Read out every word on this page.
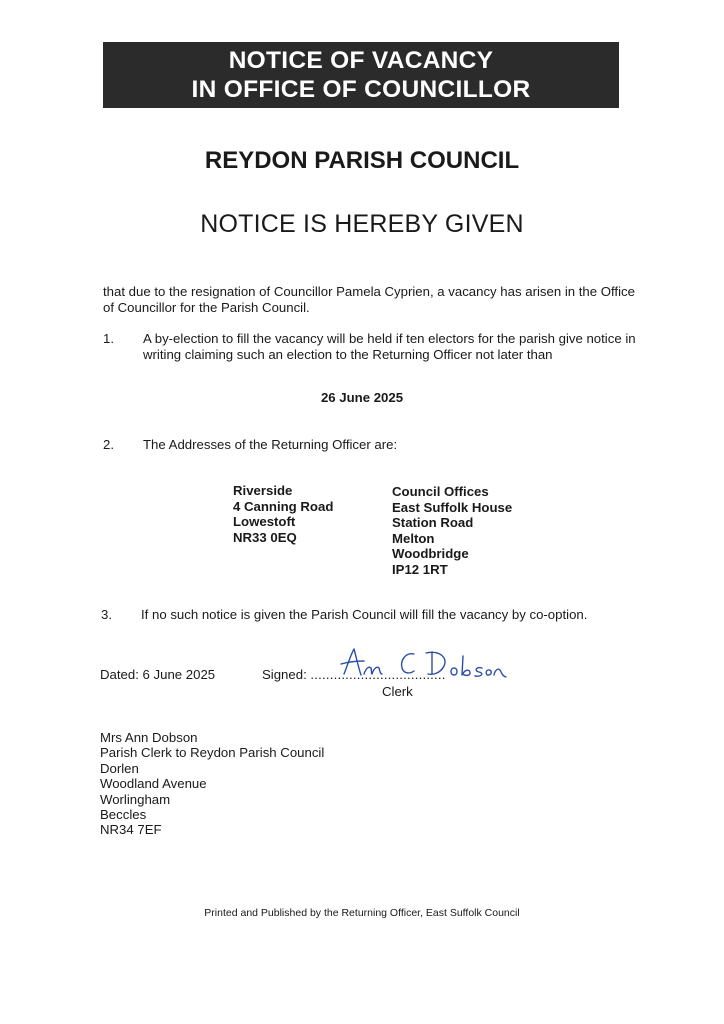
NOTICE OF VACANCY
IN OFFICE OF COUNCILLOR
REYDON PARISH COUNCIL
NOTICE IS HEREBY GIVEN
that due to the resignation of Councillor Pamela Cyprien, a vacancy has arisen in the Office of Councillor for the Parish Council.
1. A by-election to fill the vacancy will be held if ten electors for the parish give notice in writing claiming such an election to the Returning Officer not later than
26 June 2025
2. The Addresses of the Returning Officer are:
Riverside
4 Canning Road
Lowestoft
NR33 0EQ
Council Offices
East Suffolk House
Station Road
Melton
Woodbridge
IP12 1RT
3. If no such notice is given the Parish Council will fill the vacancy by co-option.
Dated: 6 June 2025	Signed: ...................................
Clerk
Mrs Ann Dobson
Parish Clerk to Reydon Parish Council
Dorlen
Woodland Avenue
Worlingham
Beccles
NR34 7EF
Printed and Published by the Returning Officer, East Suffolk Council
